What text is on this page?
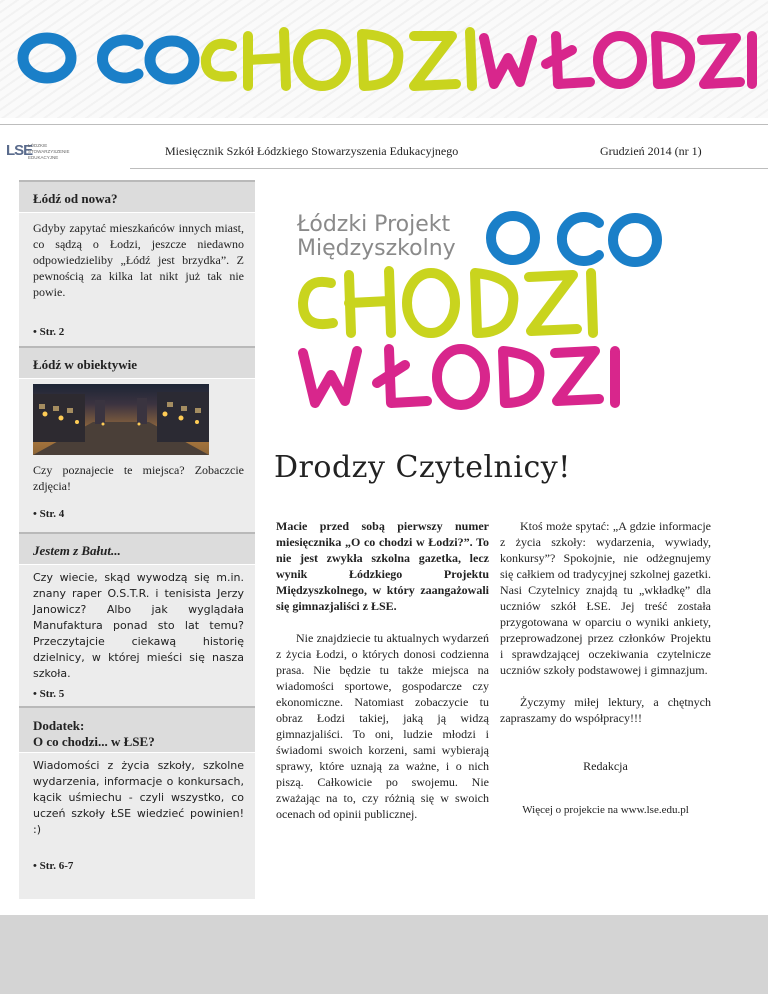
LSE
ŁÓDZKIE STOWARZYSZENIE EDUKACYJNE	Miesięcznik Szkół Łódzkiego Stowarzyszenia Edukacyjnego	Grudzień 2014 (nr 1)
Łódź od nowa?
Gdyby zapytać mieszkańców innych miast, co sądzą o Łodzi, jeszcze niedawno odpowiedzieliby „Łódź jest brzydka”. Z pewnością za kilka lat nikt już tak nie powie.
• Str. 2
Łódź w obiektywie
Czy poznajecie te miejsca? Zobaczcie zdjęcia!
• Str. 4
Jestem z Bałut...
Czy wiecie, skąd wywodzą się m.in. znany raper O.S.T.R. i tenisista Jerzy Janowicz? Albo jak wyglądała Manufaktura ponad sto lat temu? Przeczytajcie ciekawą historię dzielnicy, w której mieści się nasza szkoła.
• Str. 5
Dodatek:
O co chodzi... w ŁSE?
Wiadomości z życia szkoły, szkolne wydarzenia, informacje o konkursach, kącik uśmiechu - czyli wszystko, co uczeń szkoły ŁSE wiedzieć powinien! :)
• Str. 6-7
Łódzki Projekt
Międzyszkolny
Drodzy Czytelnicy!

Macie przed sobą pierwszy numer miesięcznika „O co chodzi w Łodzi?”. To nie jest zwykła szkolna gazetka, lecz wynik Łódzkiego Projektu Międzyszkolnego, w który zaangażowali się gimnazjaliści z ŁSE.

Nie znajdziecie tu aktualnych wydarzeń z życia Łodzi, o których donosi codzienna prasa. Nie będzie tu także miejsca na wiadomości sportowe, gospodarcze czy ekonomiczne. Natomiast zobaczycie tu obraz Łodzi takiej, jaką ją widzą gimnazjaliści. To oni, ludzie młodzi i świadomi swoich korzeni, sami wybierają sprawy, które uznają za ważne, i o nich piszą. Całkowicie po swojemu. Nie zważając na to, czy różnią się w swoich ocenach od opinii publicznej.

Ktoś może spytać: „A gdzie informacje z życia szkoły: wydarzenia, wywiady, konkursy”? Spokojnie, nie odżegnujemy się całkiem od tradycyjnej szkolnej gazetki. Nasi Czytelnicy znajdą tu „wkładkę” dla uczniów szkół ŁSE. Jej treść została przygotowana w oparciu o wyniki ankiety, przeprowadzonej przez członków Projektu i sprawdzającej oczekiwania czytelnicze uczniów szkoły podstawowej i gimnazjum.

Życzymy miłej lektury, a chętnych zapraszamy do współpracy!!!

Redakcja

Więcej o projekcie na www.lse.edu.pl
